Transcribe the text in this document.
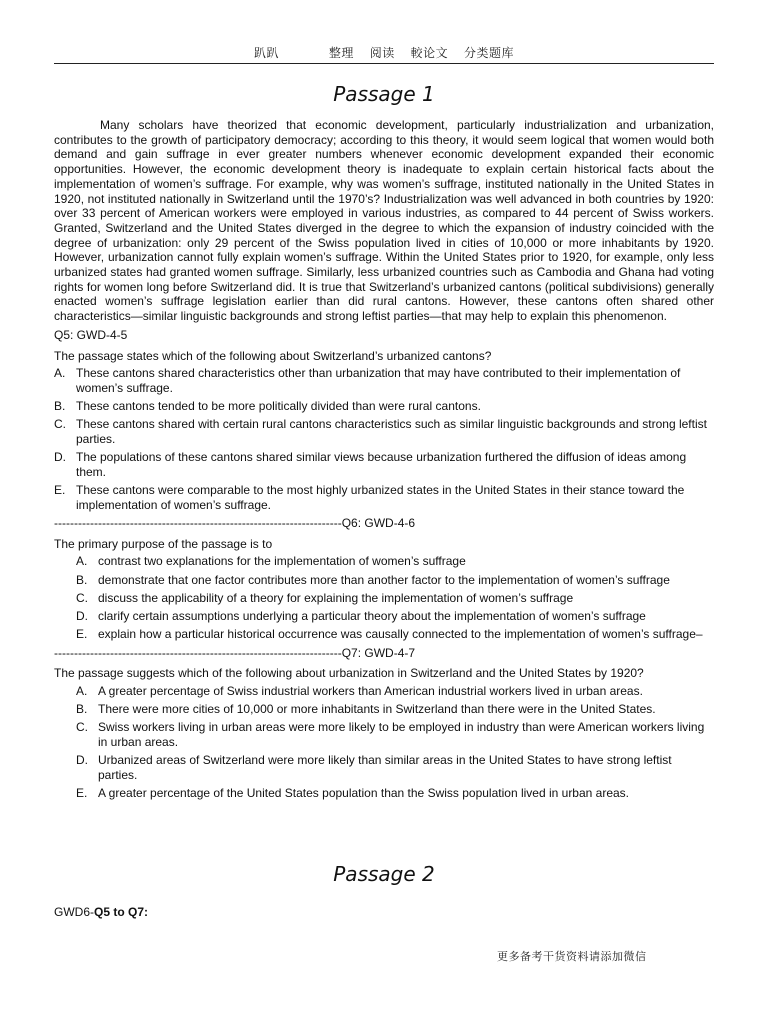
趴趴	整理 阅读 較论文 分类题库
Passage 1

Many scholars have theorized that economic development, particularly industrialization and urbanization, contributes to the growth of participatory democracy; according to this theory, it would seem logical that women would both demand and gain suffrage in ever greater numbers whenever economic development expanded their economic opportunities. However, the economic development theory is inadequate to explain certain historical facts about the implementation of women’s suffrage. For example, why was women’s suffrage, instituted nationally in the United States in 1920, not instituted nationally in Switzerland until the 1970’s? Industrialization was well advanced in both countries by 1920: over 33 percent of American workers were employed in various industries, as compared to 44 percent of Swiss workers. Granted, Switzerland and the United States diverged in the degree to which the expansion of industry coincided with the degree of urbanization: only 29 percent of the Swiss population lived in cities of 10,000 or more inhabitants by 1920. However, urbanization cannot fully explain women’s suffrage. Within the United States prior to 1920, for example, only less urbanized states had granted women suffrage. Similarly, less urbanized countries such as Cambodia and Ghana had voting rights for women long before Switzerland did. It is true that Switzerland’s urbanized cantons (political subdivisions) generally enacted women’s suffrage legislation earlier than did rural cantons. However, these cantons often shared other characteristics—similar linguistic backgrounds and strong leftist parties—that may help to explain this phenomenon.

Q5: GWD-4-5
The passage states which of the following about Switzerland’s urbanized cantons?
A. These cantons shared characteristics other than urbanization that may have contributed to their implementation of women’s suffrage.
B. These cantons tended to be more politically divided than were rural cantons.
C. These cantons shared with certain rural cantons characteristics such as similar linguistic backgrounds and strong leftist parties.
D. The populations of these cantons shared similar views because urbanization furthered the diffusion of ideas among them.
E. These cantons were comparable to the most highly urbanized states in the United States in their stance toward the implementation of women’s suffrage.
------------------------------------------------------------------------Q6: GWD-4-6
The primary purpose of the passage is to
A. contrast two explanations for the implementation of women’s suffrage
B. demonstrate that one factor contributes more than another factor to the implementation of women’s suffrage
C. discuss the applicability of a theory for explaining the implementation of women’s suffrage
D. clarify certain assumptions underlying a particular theory about the implementation of women’s suffrage
E. explain how a particular historical occurrence was causally connected to the implementation of women’s suffrage–
------------------------------------------------------------------------Q7: GWD-4-7
The passage suggests which of the following about urbanization in Switzerland and the United States by 1920?
A. A greater percentage of Swiss industrial workers than American industrial workers lived in urban areas.
B. There were more cities of 10,000 or more inhabitants in Switzerland than there were in the United States.
C. Swiss workers living in urban areas were more likely to be employed in industry than were American workers living in urban areas.
D. Urbanized areas of Switzerland were more likely than similar areas in the United States to have strong leftist parties.
E. A greater percentage of the United States population than the Swiss population lived in urban areas.
Passage 2
GWD6-Q5 to Q7:
更多备考干货资料请添加微信
